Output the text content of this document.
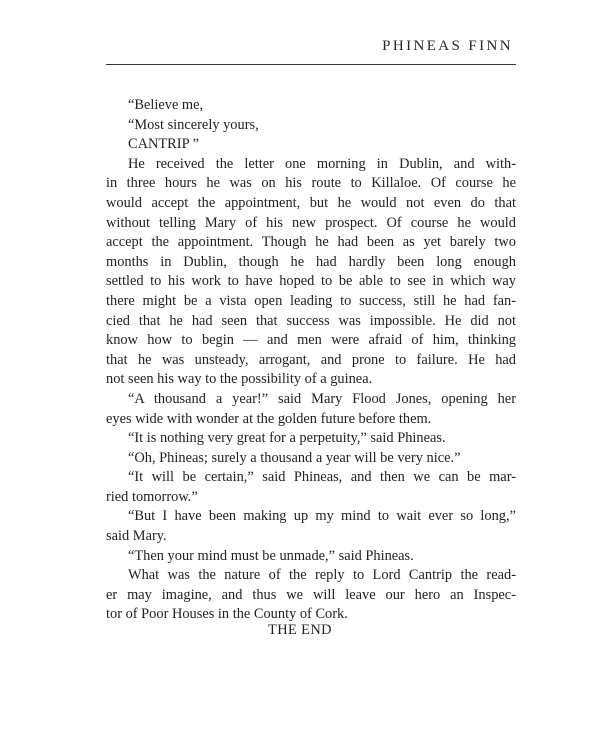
PHINEAS FINN
“Believe me,
“Most sincerely yours,
CANTRIP ”
He received the letter one morning in Dublin, and with-
in three hours he was on his route to Killaloe. Of course he
would accept the appointment, but he would not even do that
without telling Mary of his new prospect. Of course he would
accept the appointment. Though he had been as yet barely two
months in Dublin, though he had hardly been long enough
settled to his work to have hoped to be able to see in which way
there might be a vista open leading to success, still he had fan-
cied that he had seen that success was impossible. He did not
know how to begin — and men were afraid of him, thinking
that he was unsteady, arrogant, and prone to failure. He had
not seen his way to the possibility of a guinea.
“A thousand a year!” said Mary Flood Jones, opening her
eyes wide with wonder at the golden future before them.
“It is nothing very great for a perpetuity,” said Phineas.
“Oh, Phineas; surely a thousand a year will be very nice.”
“It will be certain,” said Phineas, and then we can be mar-
ried tomorrow.”
“But I have been making up my mind to wait ever so long,”
said Mary.
“Then your mind must be unmade,” said Phineas.
What was the nature of the reply to Lord Cantrip the read-
er may imagine, and thus we will leave our hero an Inspec-
tor of Poor Houses in the County of Cork.
THE END
